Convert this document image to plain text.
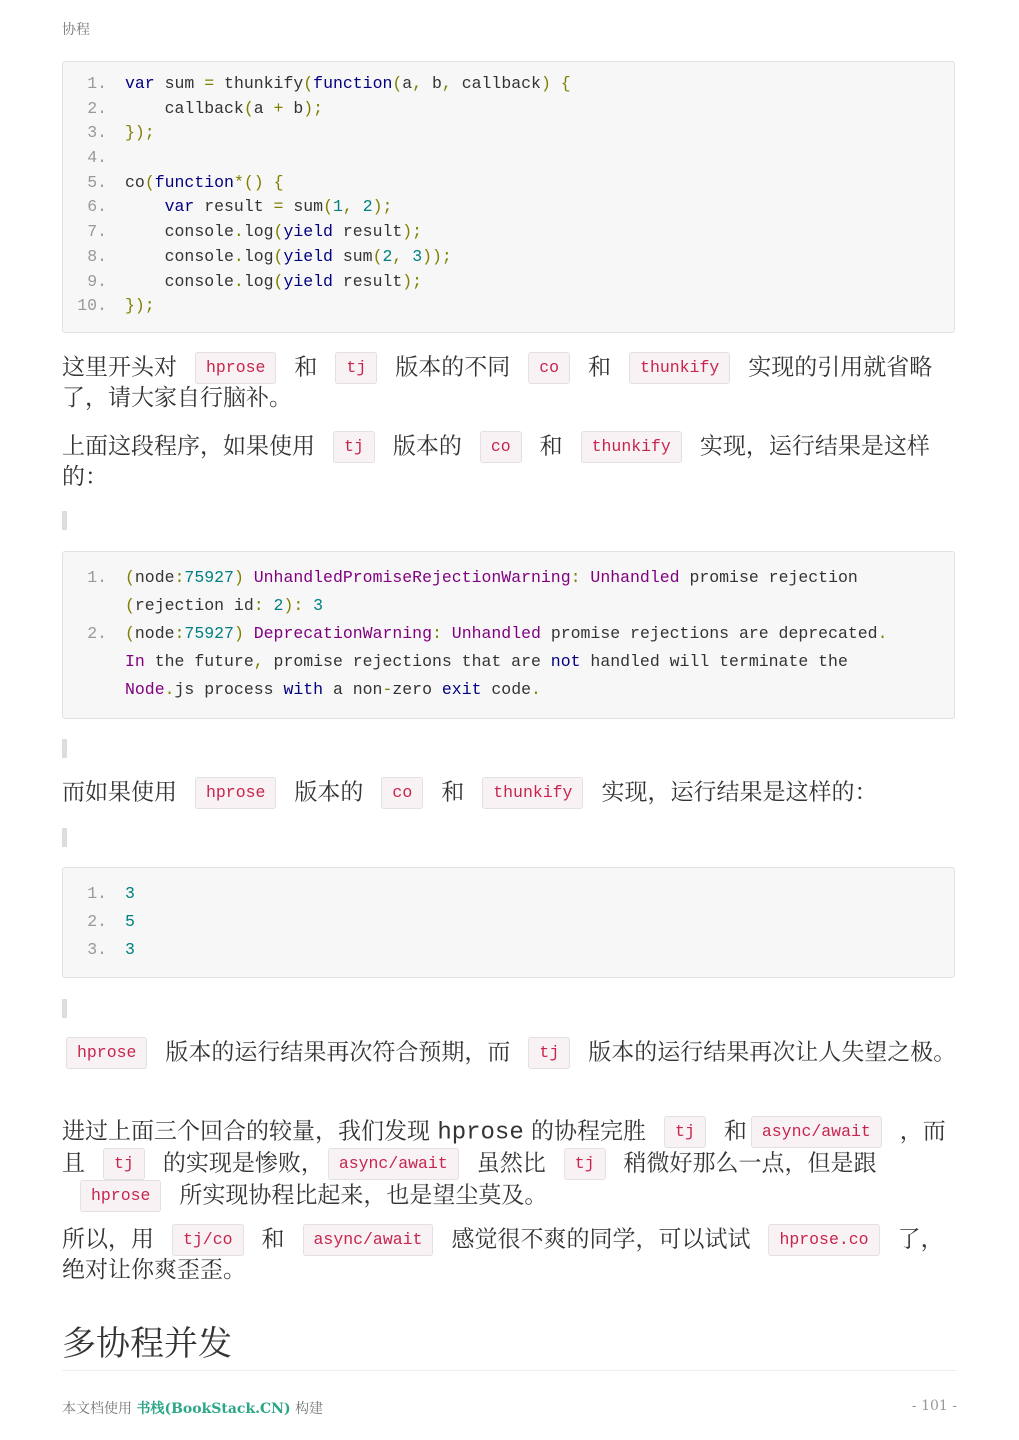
协程
1.	var sum = thunkify(function(a, b, callback) {
2.	callback(a + b);
3.	});
4.
5.	co(function*() {
6.	var result = sum(1, 2);
7.	console.log(yield result);
8.	console.log(yield sum(2, 3));
9.	console.log(yield result);
10.	});
这里开头对 hprose 和 tj 版本的不同 co 和 thunkify 实现的引用就省略了，请大家自行脑补。
上面这段程序，如果使用 tj 版本的 co 和 thunkify 实现，运行结果是这样的：
1.	(node:75927) UnhandledPromiseRejectionWarning: Unhandled promise rejection (rejection id: 2): 3
2.	(node:75927) DeprecationWarning: Unhandled promise rejections are deprecated. In the future, promise rejections that are not handled will terminate the Node.js process with a non-zero exit code.
而如果使用 hprose 版本的 co 和 thunkify 实现，运行结果是这样的：
1.	3
2.	5
3.	3
hprose 版本的运行结果再次符合预期，而 tj 版本的运行结果再次让人失望之极。
进过上面三个回合的较量，我们发现 hprose 的协程完胜 tj 和 async/await ，而且 tj 的实现是惨败， async/await 虽然比 tj 稍微好那么一点，但是跟hprose 所实现协程比起来，也是望尘莫及。
所以，用 tj/co 和 async/await 感觉很不爽的同学，可以试试 hprose.co 了，绝对让你爽歪歪。
多协程并发
本文档使用 书栈(BookStack.CN) 构建	- 101 -
